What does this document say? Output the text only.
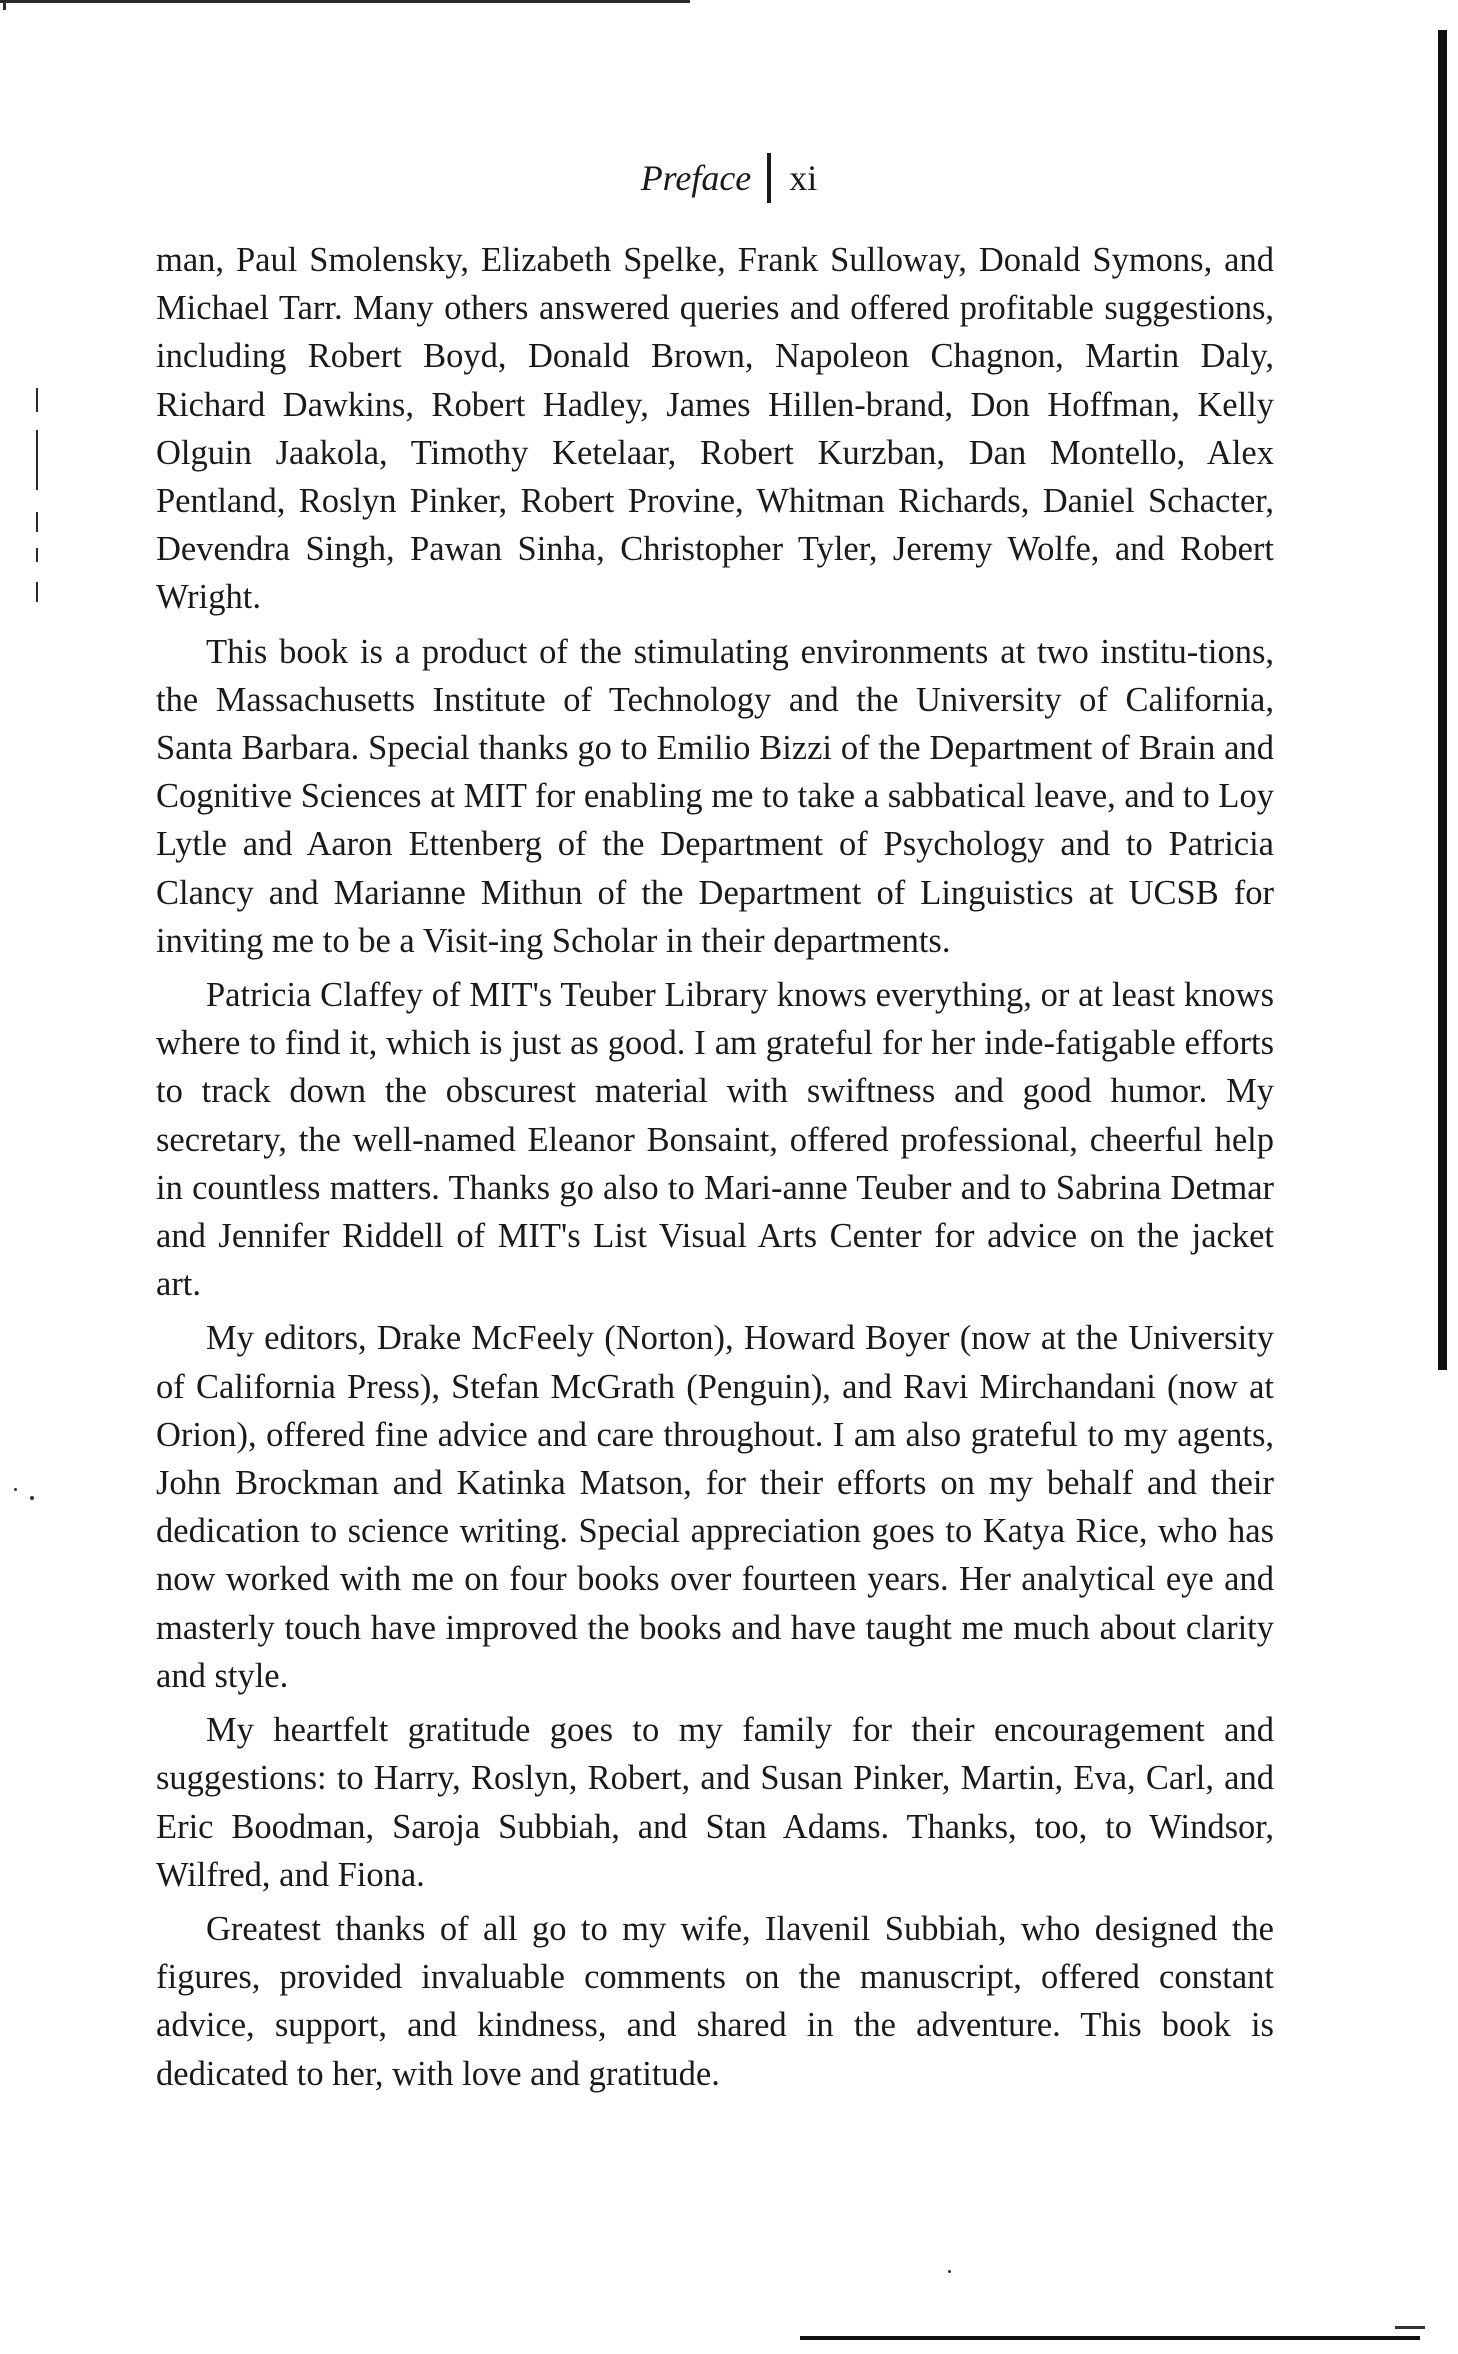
Preface xi

man, Paul Smolensky, Elizabeth Spelke, Frank Sulloway, Donald Symons, and Michael Tarr. Many others answered queries and offered profitable suggestions, including Robert Boyd, Donald Brown, Napoleon Chagnon, Martin Daly, Richard Dawkins, Robert Hadley, James Hillen-brand, Don Hoffman, Kelly Olguin Jaakola, Timothy Ketelaar, Robert Kurzban, Dan Montello, Alex Pentland, Roslyn Pinker, Robert Provine, Whitman Richards, Daniel Schacter, Devendra Singh, Pawan Sinha, Christopher Tyler, Jeremy Wolfe, and Robert Wright.

This book is a product of the stimulating environments at two institu-tions, the Massachusetts Institute of Technology and the University of California, Santa Barbara. Special thanks go to Emilio Bizzi of the Department of Brain and Cognitive Sciences at MIT for enabling me to take a sabbatical leave, and to Loy Lytle and Aaron Ettenberg of the Department of Psychology and to Patricia Clancy and Marianne Mithun of the Department of Linguistics at UCSB for inviting me to be a Visit-ing Scholar in their departments.

Patricia Claffey of MIT's Teuber Library knows everything, or at least knows where to find it, which is just as good. I am grateful for her inde-fatigable efforts to track down the obscurest material with swiftness and good humor. My secretary, the well-named Eleanor Bonsaint, offered professional, cheerful help in countless matters. Thanks go also to Mari-anne Teuber and to Sabrina Detmar and Jennifer Riddell of MIT's List Visual Arts Center for advice on the jacket art.

My editors, Drake McFeely (Norton), Howard Boyer (now at the University of California Press), Stefan McGrath (Penguin), and Ravi Mirchandani (now at Orion), offered fine advice and care throughout. I am also grateful to my agents, John Brockman and Katinka Matson, for their efforts on my behalf and their dedication to science writing. Special appreciation goes to Katya Rice, who has now worked with me on four books over fourteen years. Her analytical eye and masterly touch have improved the books and have taught me much about clarity and style.

My heartfelt gratitude goes to my family for their encouragement and suggestions: to Harry, Roslyn, Robert, and Susan Pinker, Martin, Eva, Carl, and Eric Boodman, Saroja Subbiah, and Stan Adams. Thanks, too, to Windsor, Wilfred, and Fiona.

Greatest thanks of all go to my wife, Ilavenil Subbiah, who designed the figures, provided invaluable comments on the manuscript, offered constant advice, support, and kindness, and shared in the adventure. This book is dedicated to her, with love and gratitude.
